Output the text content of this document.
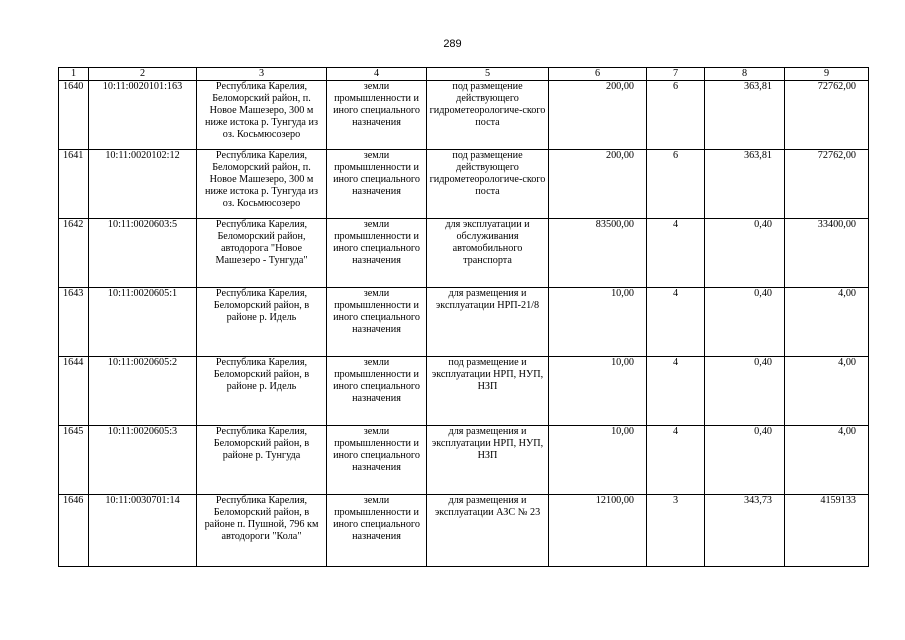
289
1	2	3	4	5	6	7	8	9
1640	10:11:0020101:163	Республика Карелия, Беломорский район, п. Новое Машезеро, 300 м ниже истока р. Тунгуда из оз. Косьмюсозеро	земли промышленности и иного специального назначения	под размещение действующего гидрометеорологиче-ского поста	200,00	6	363,81	72762,00
1641	10:11:0020102:12	Республика Карелия, Беломорский район, п. Новое Машезеро, 300 м ниже истока р. Тунгуда из оз. Косьмюсозеро	земли промышленности и иного специального назначения	под размещение действующего гидрометеорологиче-ского поста	200,00	6	363,81	72762,00
1642	10:11:0020603:5	Республика Карелия, Беломорский район, автодорога "Новое Машезеро - Тунгуда"	земли промышленности и иного специального назначения	для эксплуатации и обслуживания автомобильного транспорта	83500,00	4	0,40	33400,00
1643	10:11:0020605:1	Республика Карелия, Беломорский район, в районе р. Идель	земли промышленности и иного специального назначения	для размещения и эксплуатации НРП-21/8	10,00	4	0,40	4,00
1644	10:11:0020605:2	Республика Карелия, Беломорский район, в районе р. Идель	земли промышленности и иного специального назначения	под размещение и эксплуатации НРП, НУП, НЗП	10,00	4	0,40	4,00
1645	10:11:0020605:3	Республика Карелия, Беломорский район, в районе р. Тунгуда	земли промышленности и иного специального назначения	для размещения и эксплуатации НРП, НУП, НЗП	10,00	4	0,40	4,00
1646	10:11:0030701:14	Республика Карелия, Беломорский район, в районе п. Пушной, 796 км автодороги "Кола"	земли промышленности и иного специального назначения	для размещения и эксплуатации АЗС № 23	12100,00	3	343,73	4159133
